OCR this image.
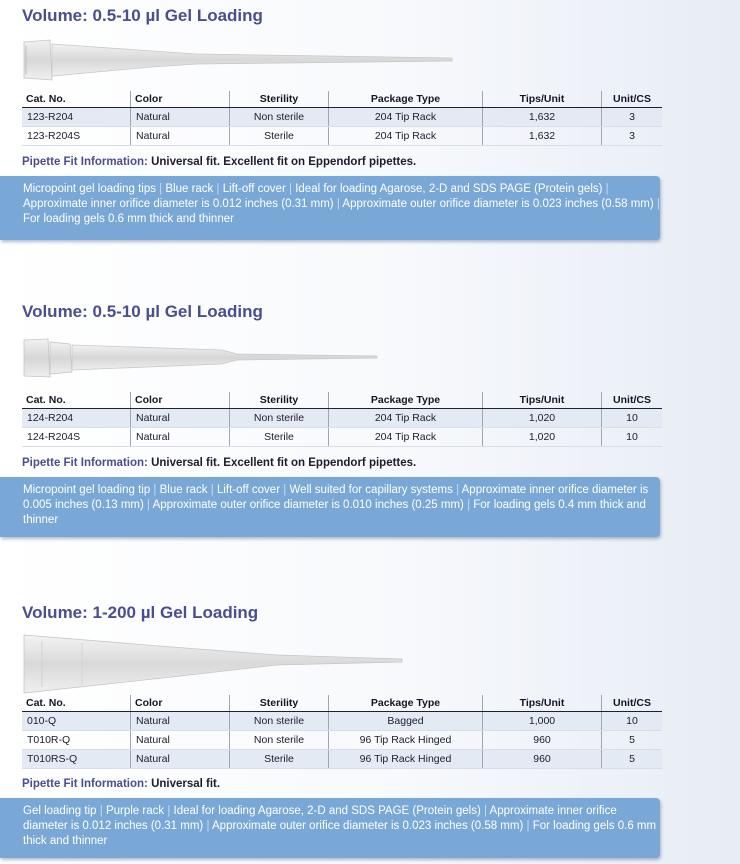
Volume: 0.5-10 µl Gel Loading
Cat. No.	Color	Sterility	Package Type	Tips/Unit	Unit/CS
123-R204	Natural	Non sterile	204 Tip Rack	1,632	3
123-R204S	Natural	Sterile	204 Tip Rack	1,632	3
Pipette Fit Information: Universal fit. Excellent fit on Eppendorf pipettes.
Micropoint gel loading tips | Blue rack | Lift-off cover | Ideal for loading Agarose, 2-D and SDS PAGE (Protein gels) | Approximate inner orifice diameter is 0.012 inches (0.31 mm) | Approximate outer orifice diameter is 0.023 inches (0.58 mm) | For loading gels 0.6 mm thick and thinner
Volume: 0.5-10 µl Gel Loading
Cat. No.	Color	Sterility	Package Type	Tips/Unit	Unit/CS
124-R204	Natural	Non sterile	204 Tip Rack	1,020	10
124-R204S	Natural	Sterile	204 Tip Rack	1,020	10
Pipette Fit Information: Universal fit. Excellent fit on Eppendorf pipettes.
Micropoint gel loading tip | Blue rack | Lift-off cover | Well suited for capillary systems | Approximate inner orifice diameter is 0.005 inches (0.13 mm) | Approximate outer orifice diameter is 0.010 inches (0.25 mm) | For loading gels 0.4 mm thick and thinner
Volume: 1-200 µl Gel Loading
Cat. No.	Color	Sterility	Package Type	Tips/Unit	Unit/CS
010-Q	Natural	Non sterile	Bagged	1,000	10
T010R-Q	Natural	Non sterile	96 Tip Rack Hinged	960	5
T010RS-Q	Natural	Sterile	96 Tip Rack Hinged	960	5
Pipette Fit Information: Universal fit.
Gel loading tip | Purple rack | Ideal for loading Agarose, 2-D and SDS PAGE (Protein gels) | Approximate inner orifice diameter is 0.012 inches (0.31 mm) | Approximate outer orifice diameter is 0.023 inches (0.58 mm) | For loading gels 0.6 mm thick and thinner
